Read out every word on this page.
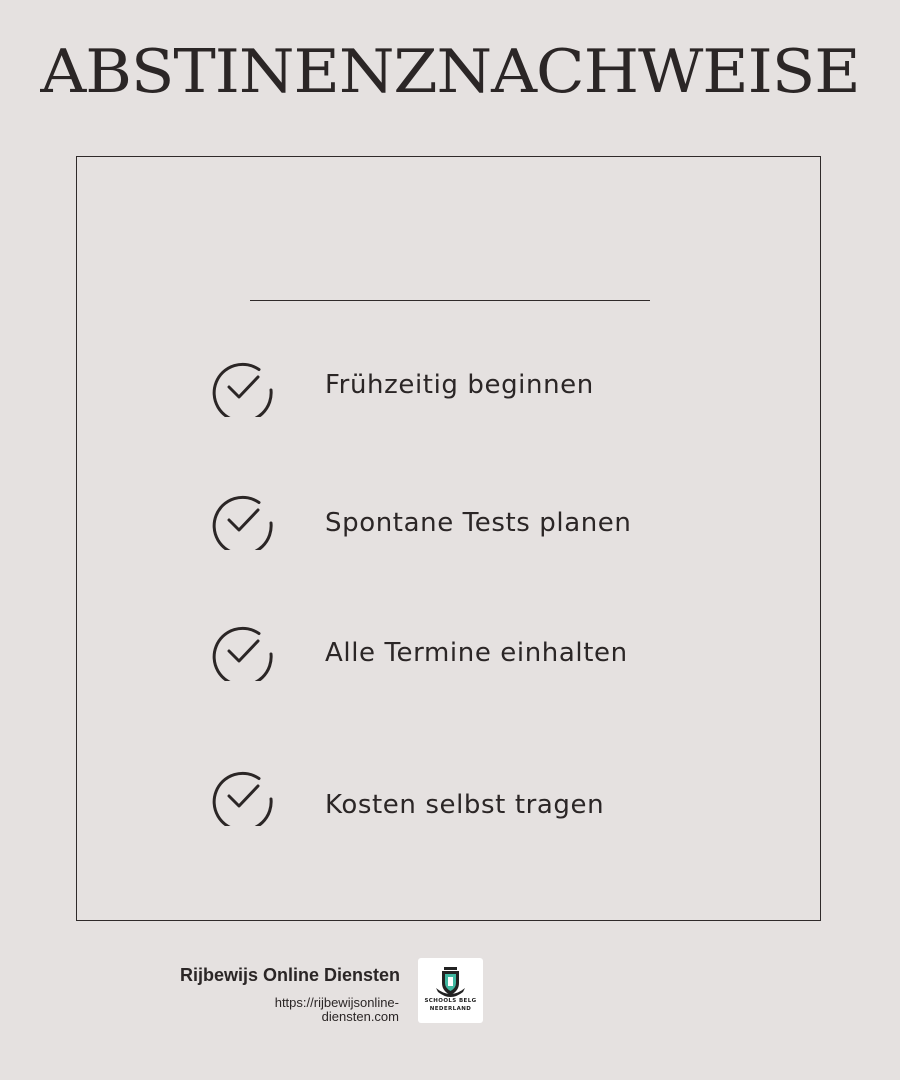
ABSTINENZNACHWEISE
Frühzeitig beginnen
Spontane Tests planen
Alle Termine einhalten
Kosten selbst tragen
Rijbewijs Online Diensten
https://rijbewijsonline-diensten.com
SCHOOLS BELG
NEDERLAND
